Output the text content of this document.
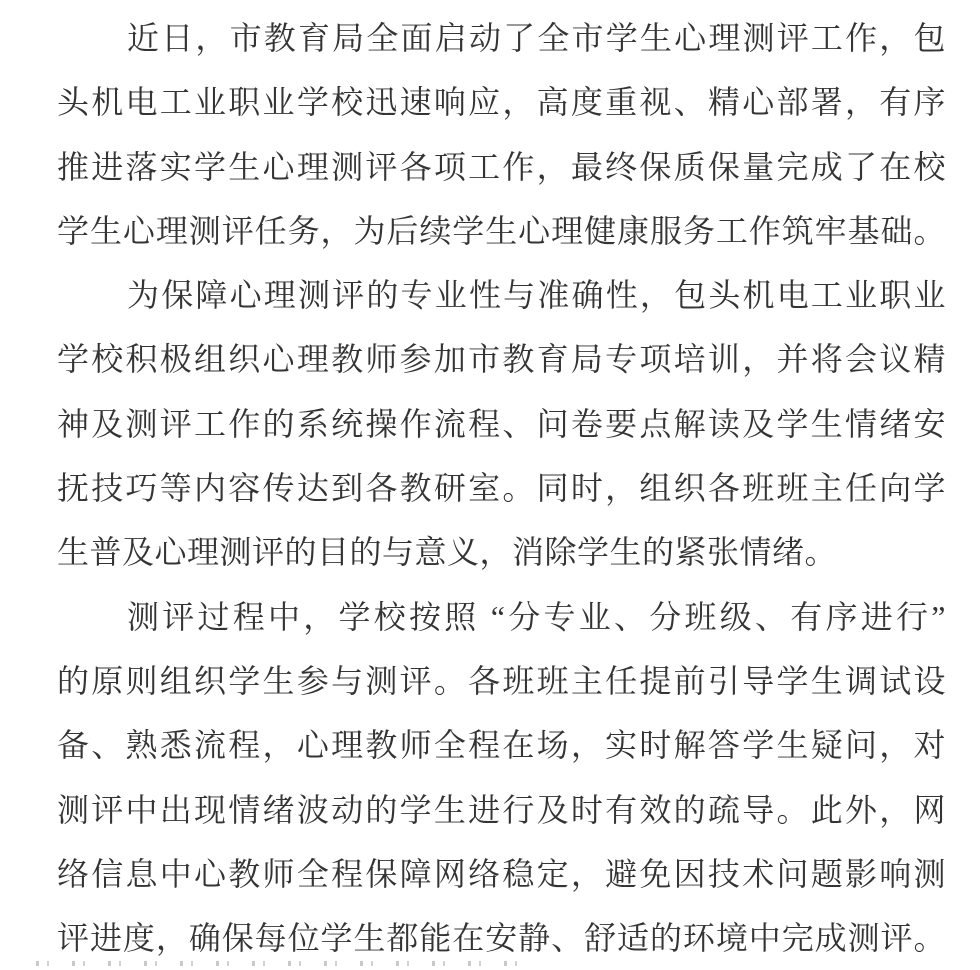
近日，市教育局全面启动了全市学生心理测评工作，包
头机电工业职业学校迅速响应，高度重视、精心部署，有序
推进落实学生心理测评各项工作，最终保质保量完成了在校
学生心理测评任务，为后续学生心理健康服务工作筑牢基础。
为保障心理测评的专业性与准确性，包头机电工业职业
学校积极组织心理教师参加市教育局专项培训，并将会议精
神及测评工作的系统操作流程、问卷要点解读及学生情绪安
抚技巧等内容传达到各教研室。同时，组织各班班主任向学
生普及心理测评的目的与意义，消除学生的紧张情绪。
测评过程中，学校按照 “分专业、分班级、有序进行”
的原则组织学生参与测评。各班班主任提前引导学生调试设
备、熟悉流程，心理教师全程在场，实时解答学生疑问，对
测评中出现情绪波动的学生进行及时有效的疏导。此外，网
络信息中心教师全程保障网络稳定，避免因技术问题影响测
评进度，确保每位学生都能在安静、舒适的环境中完成测评。
